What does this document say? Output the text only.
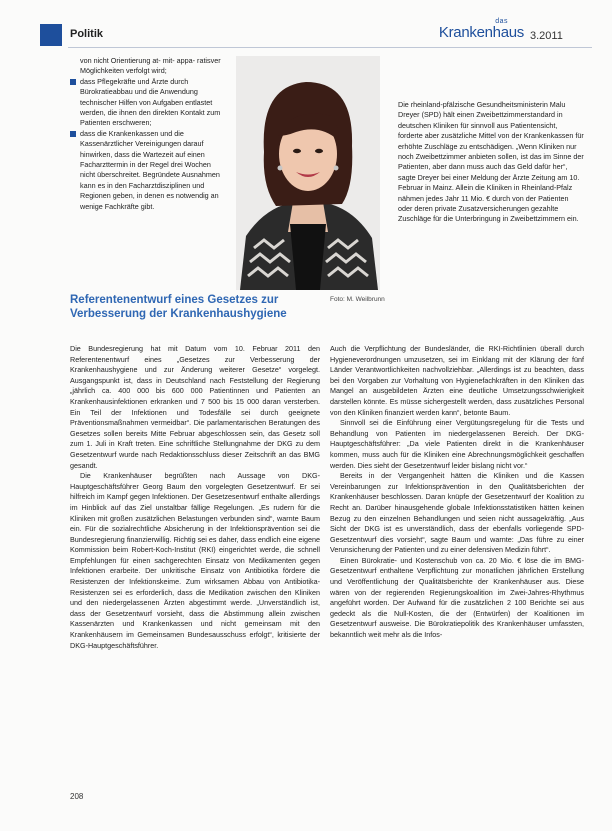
Politik
das
Krankenhaus 3.2011
von nicht Orientierung at- mit- appa- ratisver Möglichkeiten verfolgt wird;
dass Pflegekräfte und Ärzte durch Bürokratieabbau und die Anwendung technischer Hilfen von Aufgaben entlastet werden, die ihnen den direkten Kontakt zum Patienten erschweren;
dass die Krankenkassen und die Kassenärztlicher Vereinigungen darauf hinwirken, dass die Wartezeit auf einen Facharzttermin in der Regel drei Wochen nicht überschreitet. Begründete Ausnahmen kann es in den Facharztdisziplinen und Regionen geben, in denen es notwendig an wenige Fachkräfte gibt.
Foto: M. Weilbrunn
Die rheinland-pfälzische Gesundheitsministerin Malu Dreyer (SPD) hält einen Zweibettzimmerstandard in deutschen Kliniken für sinnvoll aus Patientensicht, forderte aber zusätzliche Mittel von der Krankenkassen für erhöhte Zuschläge zu entschädigen. „Wenn Kliniken nur noch Zweibettzimmer anbieten sollen, ist das im Sinne der Patienten, aber dann muss auch das Geld dafür her“, sagte Dreyer bei einer Meldung der Ärzte Zeitung am 10. Februar in Mainz. Allein die Kliniken in Rheinland-Pfalz nähmen jedes Jahr 11 Mio. € durch von der Patienten oder deren private Zusatzversicherungen gezahlte Zuschläge für die Unterbringung in Zweibettzimmern ein.
Referentenentwurf eines Gesetzes zur Verbesserung der Krankenhaushygiene

Die Bundesregierung hat mit Datum vom 10. Februar 2011 den Referentenentwurf eines „Gesetzes zur Verbesserung der Krankenhaushygiene und zur Änderung weiterer Gesetze“ vorgelegt. Ausgangspunkt ist, dass in Deutschland nach Feststellung der Regierung „jährlich ca. 400 000 bis 600 000 Patientinnen und Patienten an Krankenhausinfektionen erkranken und 7 500 bis 15 000 daran versterben. Ein Teil der Infektionen und Todesfälle sei durch geeignete Präventionsmaßnahmen vermeidbar“. Die parlamentarischen Beratungen des Gesetzes sollen bereits Mitte Februar abgeschlossen sein, das Gesetz soll zum 1. Juli in Kraft treten. Eine schriftliche Stellungnahme der DKG zu dem Gesetzentwurf wurde nach Redaktionsschluss dieser Zeitschrift an das BMG gesandt.

Die Krankenhäuser begrüßten nach Aussage von DKG-Hauptgeschäftsführer Georg Baum den vorgelegten Gesetzentwurf. Er sei hilfreich im Kampf gegen Infektionen. Der Gesetzesentwurf enthalte allerdings im Hinblick auf das Ziel unstaltbar fällige Regelungen. „Es rudern für die Kliniken mit großen zusätzlichen Belastungen verbunden sind“, warnte Baum ein. Für die sozialrechtliche Absicherung in der Infektionsprävention sei die Bundesregierung finanzierwillig. Richtig sei es daher, dass endlich eine eigene Kommission beim Robert-Koch-Institut (RKI) eingerichtet werde, die schnell Empfehlungen für einen sachgerechten Einsatz von Medikamenten gegen Infektionen erarbeite. Der unkritische Einsatz von Antibiotika fördere die Resistenzen der Infektionskeime. Zum wirksamen Abbau von Antibiotika-Resistenzen sei es erforderlich, dass die Medikation zwischen den Kliniken und den niedergelassenen Ärzten abgestimmt werde. „Unverständlich ist, dass der Gesetzentwurf vorsieht, dass die Abstimmung allein zwischen Kassenärzten und Krankenkassen und nicht gemeinsam mit den Krankenhäusern im Gemeinsamen Bundesausschuss erfolgt“, kritisierte der DKG-Hauptgeschäftsführer.

Auch die Verpflichtung der Bundesländer, die RKI-Richtlinien überall durch Hygieneverordnungen umzusetzen, sei im Einklang mit der Klärung der fünf Länder Verantwortlichkeiten nachvollziehbar. „Allerdings ist zu beachten, dass bei den Vorgaben zur Vorhaltung von Hygienefachkräften in den Kliniken das Mangel an ausgebildeten Ärzten eine deutliche Umsetzungsschwierigkeit darstellen könnte. Es müsse sichergestellt werden, dass zusätzliches Personal von den Kliniken finanziert werden kann“, betonte Baum.

Sinnvoll sei die Einführung einer Vergütungsregelung für die Tests und Behandlung von Patienten im niedergelassenen Bereich. Der DKG-Hauptgeschäftsführer: „Da viele Patienten direkt in die Krankenhäuser kommen, muss auch für die Kliniken eine Abrechnungsmöglichkeit geschaffen werden. Dies sieht der Gesetzentwurf leider bislang nicht vor.“

Bereits in der Vergangenheit hätten die Kliniken und die Kassen Vereinbarungen zur Infektionsprävention in den Qualitätsberichten der Krankenhäuser beschlossen. Daran knüpfe der Gesetzentwurf der Koalition zu Recht an. Darüber hinausgehende globale Infektionsstatistiken hätten keinen Bezug zu den einzelnen Behandlungen und seien nicht aussagekräftig. „Aus Sicht der DKG ist es unverständlich, dass der ebenfalls vorliegende SPD-Gesetzentwurf dies vorsieht“, sagte Baum und warnte: „Das führe zu einer Verunsicherung der Patienten und zu einer defensiven Medizin führt“.

Einen Bürokratie- und Kostenschub von ca. 20 Mio. € löse die im BMG-Gesetzentwurf enthaltene Verpflichtung zur monatlichen jährlichen Erstellung und Veröffentlichung der Qualitätsberichte der Krankenhäuser aus. Diese wären von der regierenden Regierungskoalition im Zwei-Jahres-Rhythmus angeführt worden. Der Aufwand für die zusätzlichen 2 100 Berichte sei aus gedeckt als die Null-Kosten, die der (Entwürfen) der Koalitionen im Gesetzentwurf ausweise. Die Bürokratiepolitik des Krankenhäuser umfassten, bekanntlich weit mehr als die Infos-

208
